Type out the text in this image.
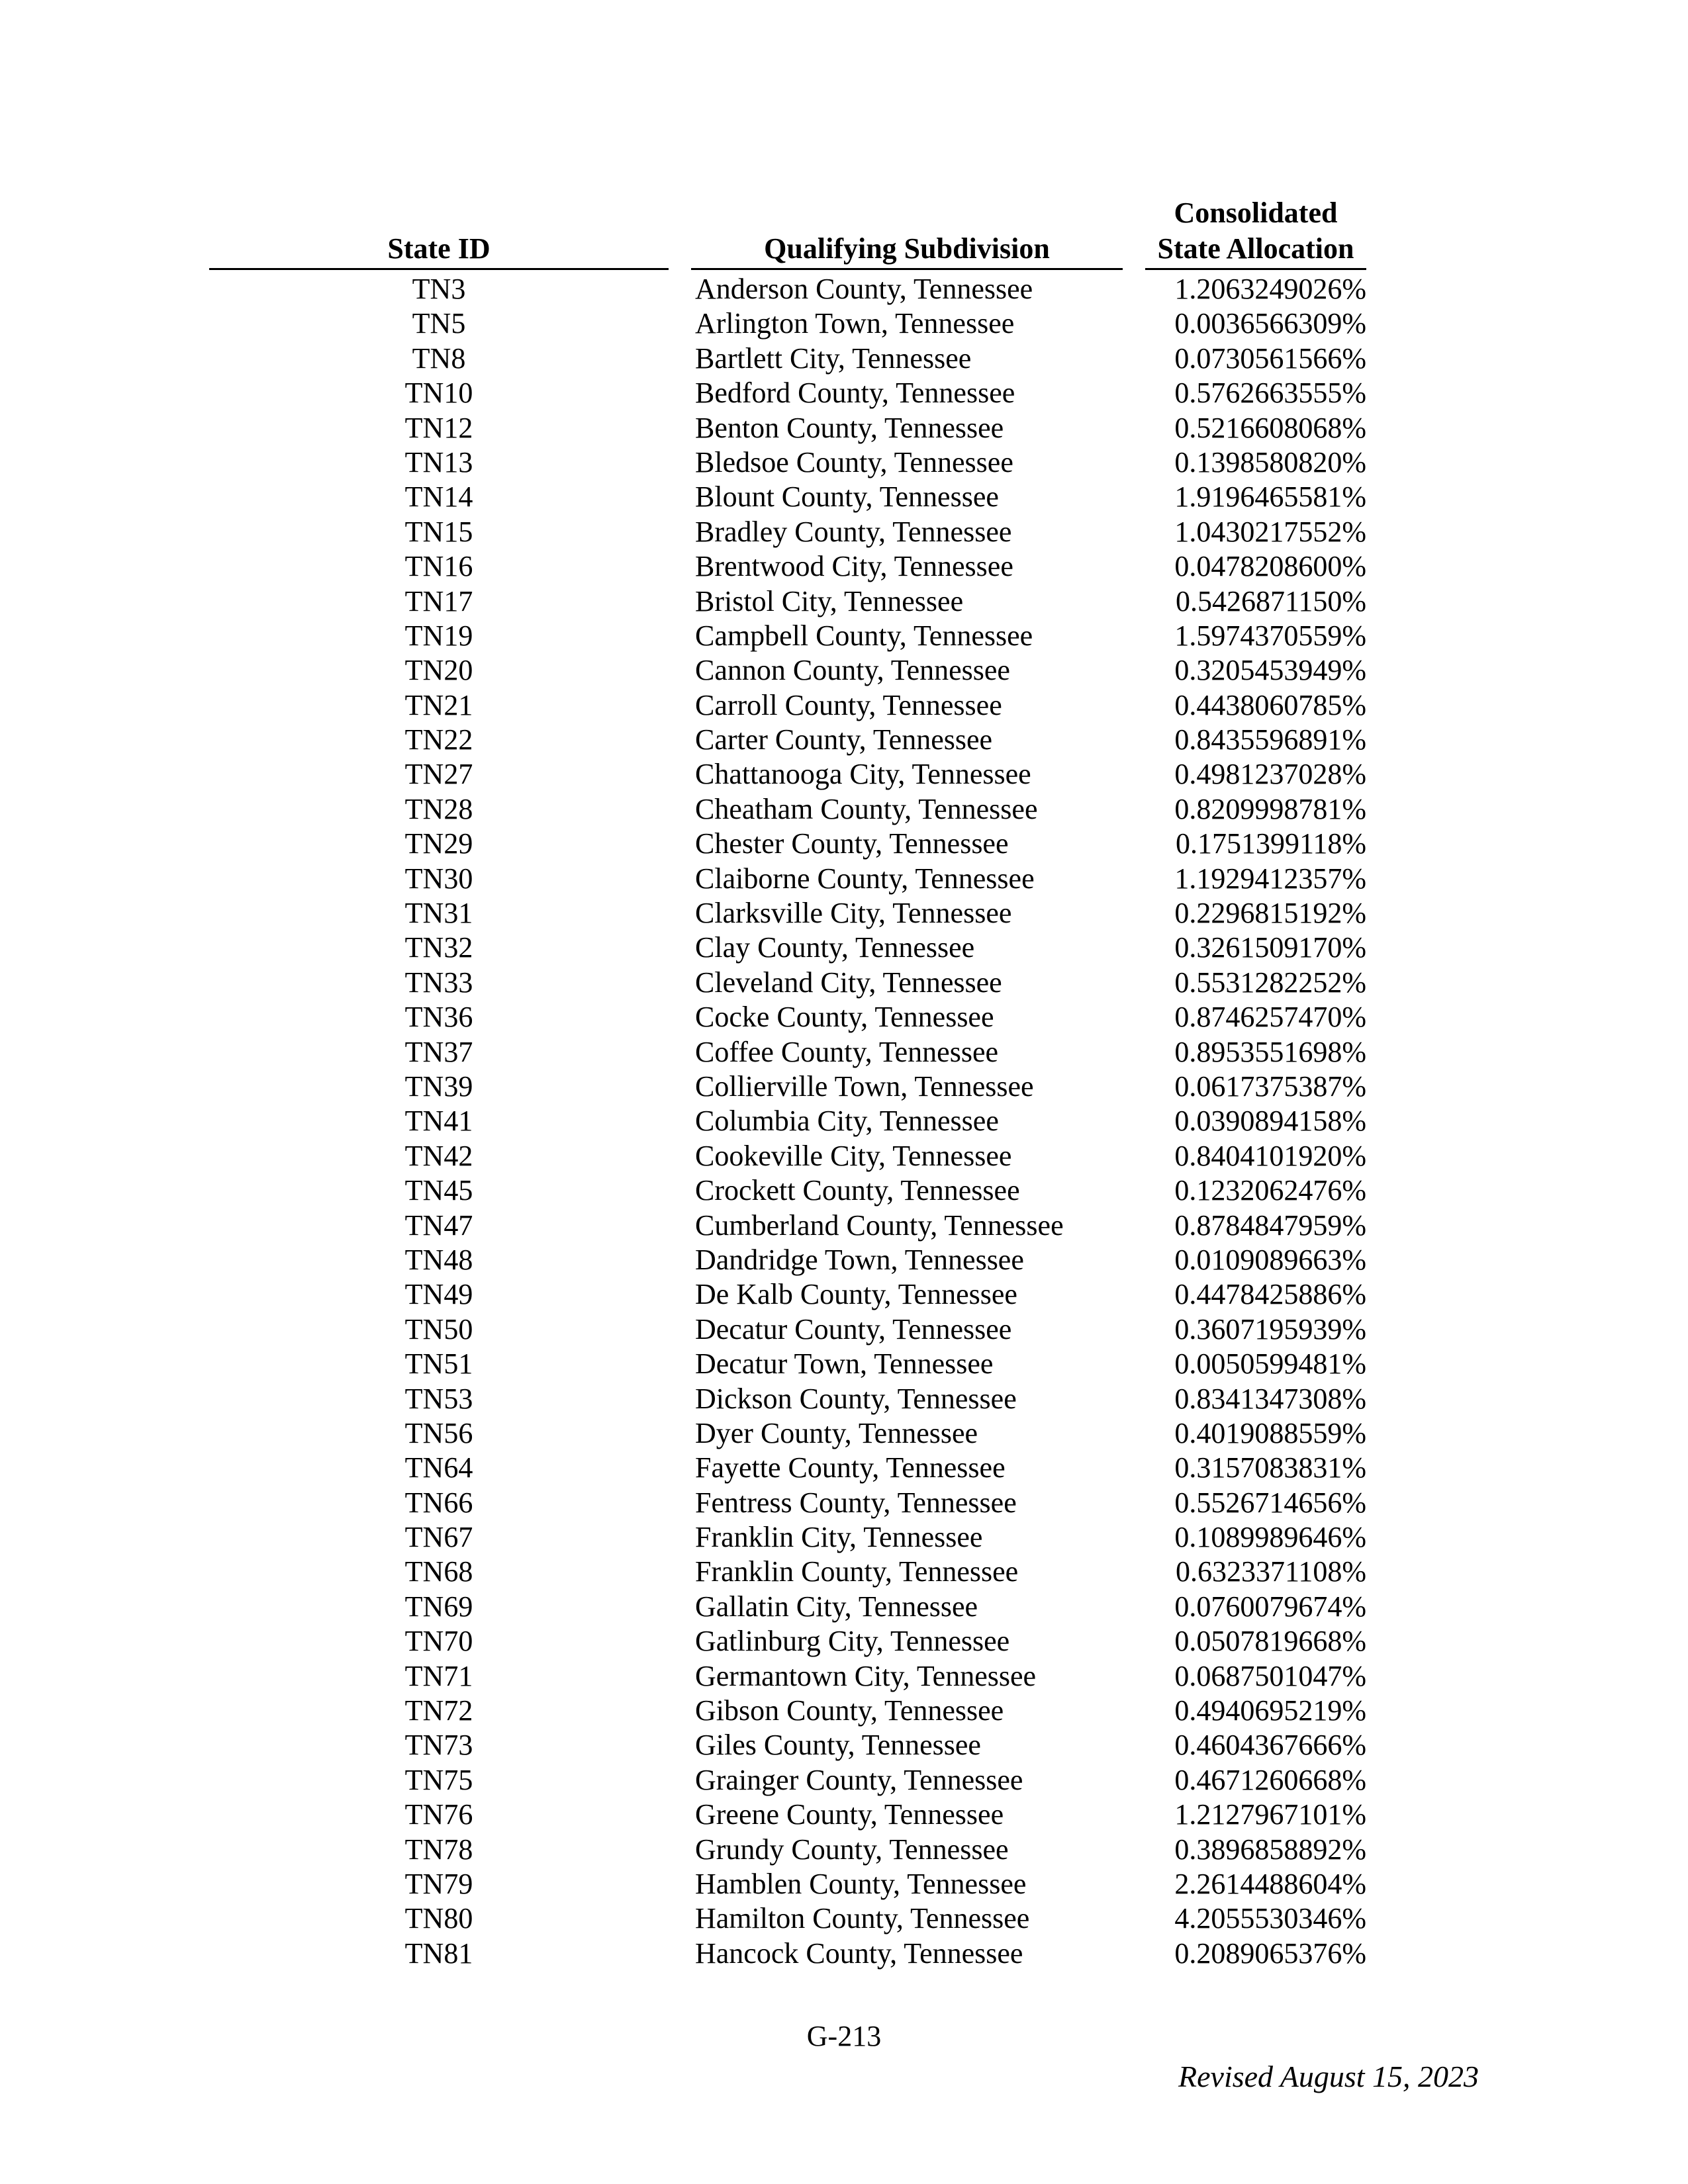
State ID	Qualifying Subdivision
Consolidated
State Allocation
TN3	Anderson County, Tennessee	1.2063249026%
TN5	Arlington Town, Tennessee	0.0036566309%
TN8	Bartlett City, Tennessee	0.0730561566%
TN10	Bedford County, Tennessee	0.5762663555%
TN12	Benton County, Tennessee	0.5216608068%
TN13	Bledsoe County, Tennessee	0.1398580820%
TN14	Blount County, Tennessee	1.9196465581%
TN15	Bradley County, Tennessee	1.0430217552%
TN16	Brentwood City, Tennessee	0.0478208600%
TN17	Bristol City, Tennessee	0.5426871150%
TN19	Campbell County, Tennessee	1.5974370559%
TN20	Cannon County, Tennessee	0.3205453949%
TN21	Carroll County, Tennessee	0.4438060785%
TN22	Carter County, Tennessee	0.8435596891%
TN27	Chattanooga City, Tennessee	0.4981237028%
TN28	Cheatham County, Tennessee	0.8209998781%
TN29	Chester County, Tennessee	0.1751399118%
TN30	Claiborne County, Tennessee	1.1929412357%
TN31	Clarksville City, Tennessee	0.2296815192%
TN32	Clay County, Tennessee	0.3261509170%
TN33	Cleveland City, Tennessee	0.5531282252%
TN36	Cocke County, Tennessee	0.8746257470%
TN37	Coffee County, Tennessee	0.8953551698%
TN39	Collierville Town, Tennessee	0.0617375387%
TN41	Columbia City, Tennessee	0.0390894158%
TN42	Cookeville City, Tennessee	0.8404101920%
TN45	Crockett County, Tennessee	0.1232062476%
TN47	Cumberland County, Tennessee	0.8784847959%
TN48	Dandridge Town, Tennessee	0.0109089663%
TN49	De Kalb County, Tennessee	0.4478425886%
TN50	Decatur County, Tennessee	0.3607195939%
TN51	Decatur Town, Tennessee	0.0050599481%
TN53	Dickson County, Tennessee	0.8341347308%
TN56	Dyer County, Tennessee	0.4019088559%
TN64	Fayette County, Tennessee	0.3157083831%
TN66	Fentress County, Tennessee	0.5526714656%
TN67	Franklin City, Tennessee	0.1089989646%
TN68	Franklin County, Tennessee	0.6323371108%
TN69	Gallatin City, Tennessee	0.0760079674%
TN70	Gatlinburg City, Tennessee	0.0507819668%
TN71	Germantown City, Tennessee	0.0687501047%
TN72	Gibson County, Tennessee	0.4940695219%
TN73	Giles County, Tennessee	0.4604367666%
TN75	Grainger County, Tennessee	0.4671260668%
TN76	Greene County, Tennessee	1.2127967101%
TN78	Grundy County, Tennessee	0.3896858892%
TN79	Hamblen County, Tennessee	2.2614488604%
TN80	Hamilton County, Tennessee	4.2055530346%
TN81	Hancock County, Tennessee	0.2089065376%
G-213
Revised August 15, 2023
